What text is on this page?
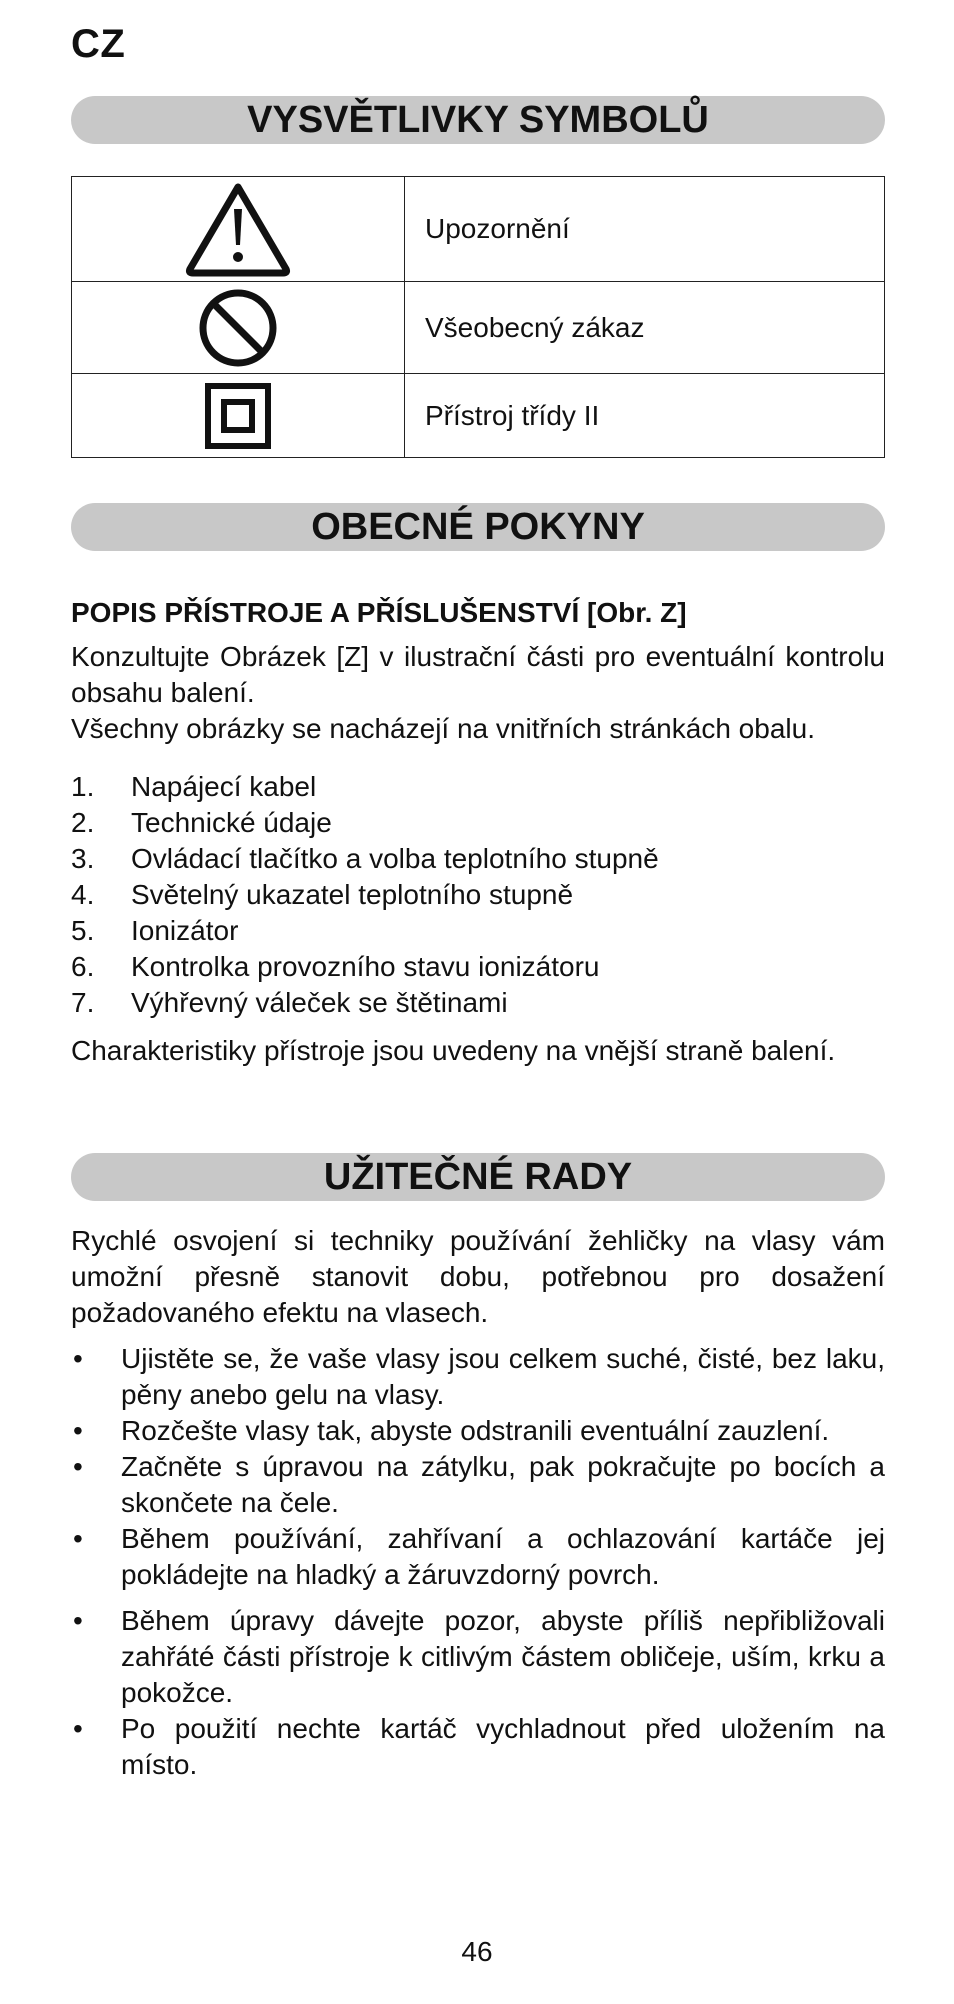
CZ
VYSVĚTLIVKY SYMBOLŮ
	Upozornění

	Všeobecný zákaz

	Přístroj třídy II
OBECNÉ POKYNY

POPIS PŘÍSTROJE A PŘÍSLUŠENSTVÍ [Obr. Z]

Konzultujte Obrázek [Z] v ilustrační části pro eventuální kontrolu obsahu balení.

Všechny obrázky se nacházejí na vnitřních stránkách obalu.

1.	Napájecí kabel
2.	Technické údaje
3.	Ovládací tlačítko a volba teplotního stupně
4.	Světelný ukazatel teplotního stupně
5.	Ionizátor
6.	Kontrolka provozního stavu ionizátoru
7.	Výhřevný váleček se štětinami

Charakteristiky přístroje jsou uvedeny na vnější straně balení.

UŽITEČNÉ RADY

Rychlé osvojení si techniky používání žehličky na vlasy vám umožní přesně stanovit dobu, potřebnou pro dosažení požadovaného efektu na vlasech.

•	Ujistěte se, že vaše vlasy jsou celkem suché, čisté, bez laku, pěny anebo gelu na vlasy.
•	Rozčešte vlasy tak, abyste odstranili eventuální zauzlení.
•	Začněte s úpravou na zátylku, pak pokračujte po bocích a skončete na čele.
•	Během používání, zahřívaní a ochlazování kartáče jej pokládejte na hladký a žáruvzdorný povrch.
•	Během úpravy dávejte pozor, abyste příliš nepřibližovali zahřáté části přístroje k citlivým částem obličeje, uším, krku a pokožce.
•	Po použití nechte kartáč vychladnout před uložením na místo.
46
